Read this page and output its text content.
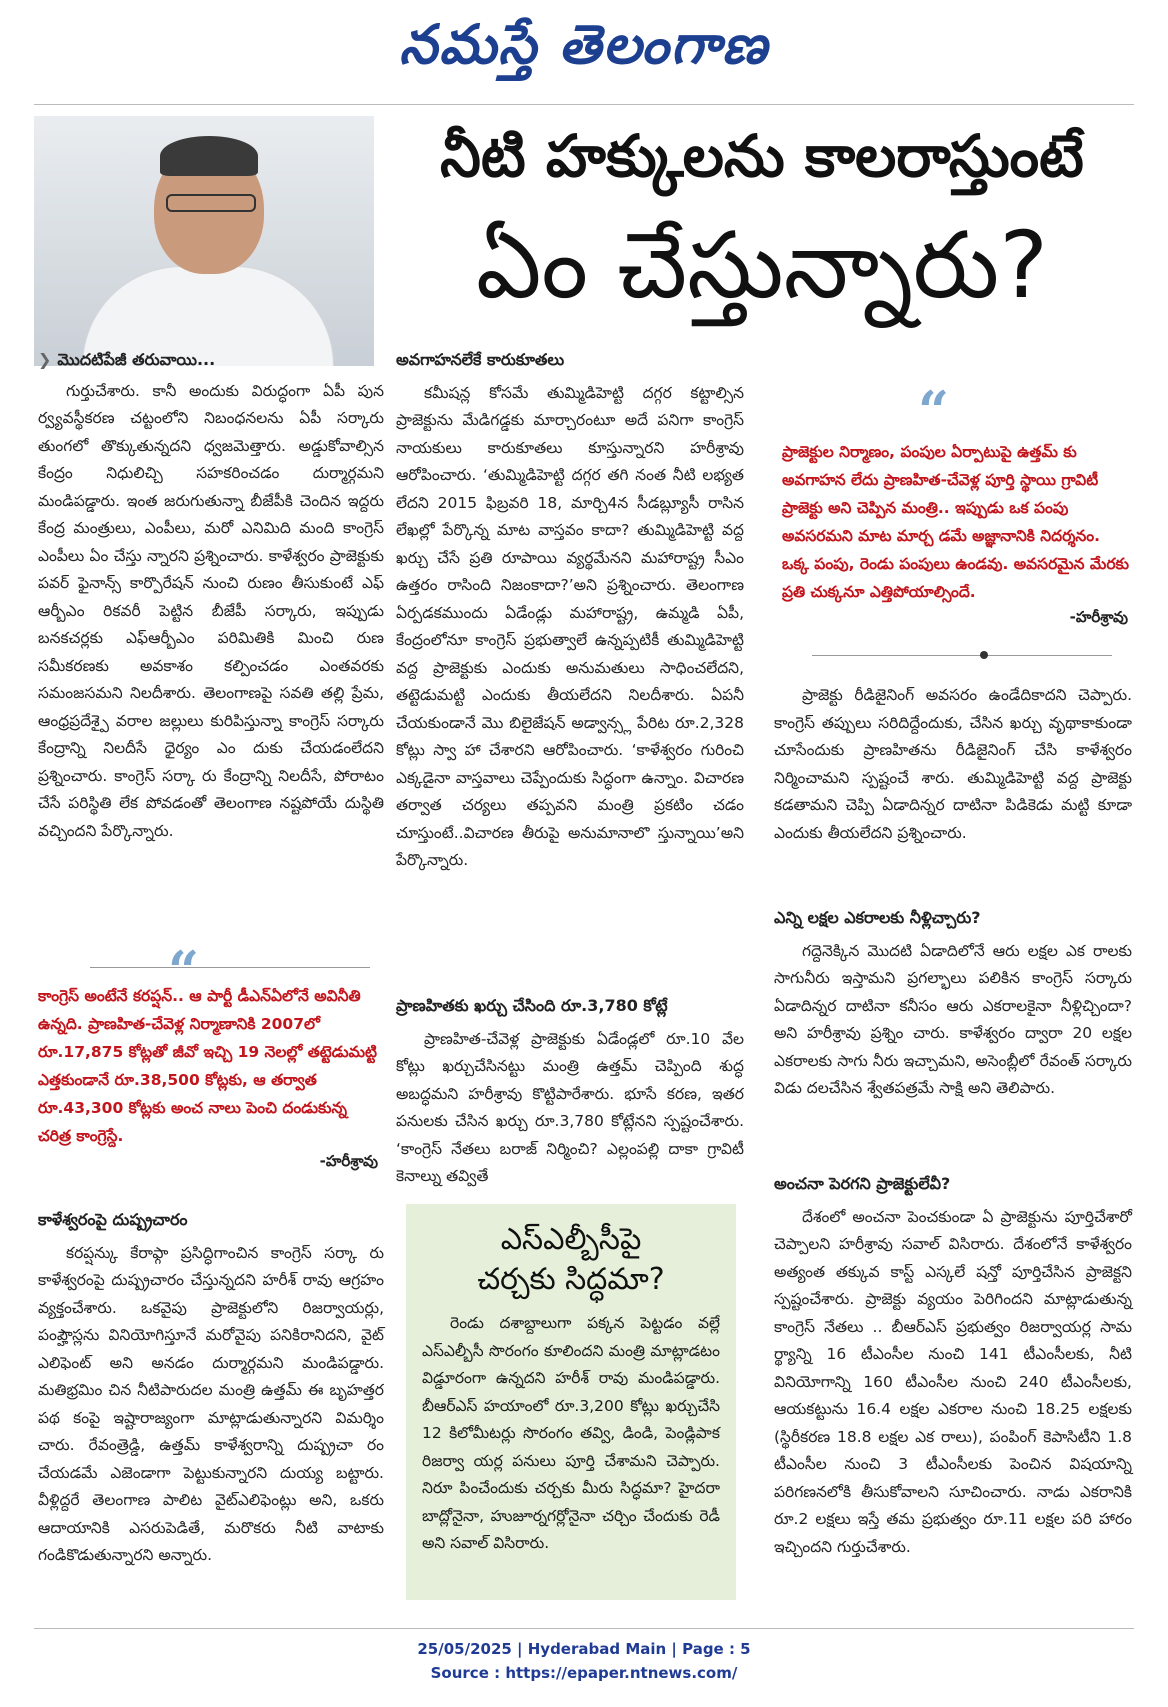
నమస్తే తెలంగాణ
నీటి హక్కులను కాలరాస్తుంటే
ఏం చేస్తున్నారు?
❯ మొదటిపేజీ తరువాయి...

గుర్తుచేశారు. కానీ అందుకు విరుద్ధంగా ఏపీ పున ర్వ్యవస్థీకరణ చట్టంలోని నిబంధనలను ఏపీ సర్కారు తుంగలో తొక్కుతున్నదని ధ్వజమెత్తారు. అడ్డుకోవాల్సిన కేంద్రం నిధులిచ్చి సహకరించడం దుర్మార్గమని మండిపడ్డారు. ఇంత జరుగుతున్నా బీజేపీకి చెందిన ఇద్దరు కేంద్ర మంత్రులు, ఎంపీలు, మరో ఎనిమిది మంది కాంగ్రెస్ ఎంపీలు ఏం చేస్తు న్నారని ప్రశ్నించారు. కాళేశ్వరం ప్రాజెక్టుకు పవర్ ఫైనాన్స్ కార్పొరేషన్ నుంచి రుణం తీసుకుంటే ఎఫ్ ఆర్బీఎం రికవరీ పెట్టిన బీజేపీ సర్కారు, ఇప్పుడు బనకచర్లకు ఎఫ్ఆర్బీఎం పరిమితికి మించి రుణ సమీకరణకు అవకాశం కల్పించడం ఎంతవరకు సమంజసమని నిలదీశారు. తెలంగాణపై సవతి తల్లి ప్రేమ, ఆంధ్రప్రదేశ్పై వరాల జల్లులు కురిపిస్తున్నా కాంగ్రెస్ సర్కారు కేంద్రాన్ని నిలదీసే ధైర్యం ఎం దుకు చేయడంలేదని ప్రశ్నించారు. కాంగ్రెస్ సర్కా రు కేంద్రాన్ని నిలదీసే, పోరాటం చేసే పరిస్థితి లేక పోవడంతో తెలంగాణ నష్టపోయే దుస్థితి వచ్చిందని పేర్కొన్నారు.

“
కాంగ్రెస్ అంటేనే కరప్షన్.. ఆ పార్టీ డీఎన్ఏలోనే అవినీతి ఉన్నది. ప్రాణహిత-చేవెళ్ల నిర్మాణానికి 2007లో రూ.17,875 కోట్లతో జీవో ఇచ్చి 19 నెలల్లో తట్టెడుమట్టి ఎత్తకుండానే రూ.38,500 కోట్లకు, ఆ తర్వాత రూ.43,300 కోట్లకు అంచ నాలు పెంచి దండుకున్న చరిత్ర కాంగ్రెస్దే.
-హరీశ్రావు
కాళేశ్వరంపై దుష్ప్రచారం

కరప్షన్కు కేరాఫ్గా ప్రసిద్ధిగాంచిన కాంగ్రెస్ సర్కా రు కాళేశ్వరంపై దుష్ప్రచారం చేస్తున్నదని హరీశ్ రావు ఆగ్రహం వ్యక్తంచేశారు. ఒకవైపు ప్రాజెక్టులోని రిజర్వాయర్లు, పంప్హౌస్లను వినియోగిస్తూనే మరోవైపు పనికిరానిదని, వైట్ ఎలిఫెంట్ అని అనడం దుర్మార్గమని మండిపడ్డారు. మతిభ్రమిం చిన నీటిపారుదల మంత్రి ఉత్తమ్ ఈ బృహత్తర పథ కంపై ఇష్టారాజ్యంగా మాట్లాడుతున్నారని విమర్శిం చారు. రేవంత్రెడ్డి, ఉత్తమ్ కాళేశ్వరాన్ని దుష్ప్రచా రం చేయడమే ఎజెండాగా పెట్టుకున్నారని దుయ్య బట్టారు. వీళ్లిద్దరే తెలంగాణ పాలిట వైట్ఎలిఫెంట్లు అని, ఒకరు ఆదాయానికి ఎసరుపెడితే, మరొకరు నీటి వాటాకు గండికొడుతున్నారని అన్నారు.

అవగాహనలేకే కారుకూతలు

కమీషన్ల కోసమే తుమ్మిడిహెట్టి దగ్గర కట్టాల్సిన ప్రాజెక్టును మేడిగడ్డకు మార్చారంటూ అదే పనిగా కాంగ్రెస్ నాయకులు కారుకూతలు కూస్తున్నారని హరీశ్రావు ఆరోపించారు. ‘తుమ్మిడిహెట్టి దగ్గర తగి నంత నీటి లభ్యత లేదని 2015 ఫిబ్రవరి 18, మార్చి4న సీడబ్ల్యూసీ రాసిన లేఖల్లో పేర్కొన్న మాట వాస్తవం కాదా? తుమ్మిడిహెట్టి వద్ద ఖర్చు చేసే ప్రతి రూపాయి వ్యర్థమేనని మహారాష్ట్ర సీఎం ఉత్తరం రాసింది నిజంకాదా?’అని ప్రశ్నించారు. తెలంగాణ ఏర్పడకముందు ఏడేండ్లు మహారాష్ట్ర, ఉమ్మడి ఏపీ, కేంద్రంలోనూ కాంగ్రెస్ ప్రభుత్వాలే ఉన్నప్పటికీ తుమ్మిడిహెట్టి వద్ద ప్రాజెక్టుకు ఎందుకు అనుమతులు సాధించలేదని, తట్టెడుమట్టి ఎందుకు తీయలేదని నిలదీశారు. ఏపనీ చేయకుండానే మొ బిలైజేషన్ అడ్వాన్స్ల పేరిట రూ.2,328 కోట్లు స్వా హా చేశారని ఆరోపించారు. ‘కాళేశ్వరం గురించి ఎక్కడైనా వాస్తవాలు చెప్పేందుకు సిద్ధంగా ఉన్నాం. విచారణ తర్వాత చర్యలు తప్పవని మంత్రి ప్రకటిం చడం చూస్తుంటే..విచారణ తీరుపై అనుమానాలొ స్తున్నాయి’అని పేర్కొన్నారు.

ప్రాణహితకు ఖర్చు చేసింది రూ.3,780 కోట్లే

ప్రాణహిత-చేవెళ్ల ప్రాజెక్టుకు ఏడేండ్లలో రూ.10 వేల కోట్లు ఖర్చుచేసినట్టు మంత్రి ఉత్తమ్ చెప్పింది శుద్ధ అబద్ధమని హరీశ్రావు కొట్టిపారేశారు. భూసే కరణ, ఇతర పనులకు చేసిన ఖర్చు రూ.3,780 కోట్లేనని స్పష్టంచేశారు. ‘కాంగ్రెస్ నేతలు బరాజ్ నిర్మించి? ఎల్లంపల్లి దాకా గ్రావిటీ కెనాల్ను తవ్వితే

ఎస్ఎల్బీసీపై
చర్చకు సిద్ధమా?

రెండు దశాబ్దాలుగా పక్కన పెట్టడం వల్లే ఎస్ఎల్బీసీ సొరంగం కూలిందని మంత్రి మాట్లాడటం విడ్డూరంగా ఉన్నదని హరీశ్ రావు మండిపడ్డారు. బీఆర్ఎస్ హయాంలో రూ.3,200 కోట్లు ఖర్చుచేసి 12 కిలోమీటర్లు సొరంగం తవ్వి, డిండి, పెండ్లిపాక రిజర్వా యర్ల పనులు పూర్తి చేశామని చెప్పారు. నిరూ పించేందుకు చర్చకు మీరు సిద్ధమా? హైదరా బాద్లోనైనా, హుజూర్నగర్లోనైనా చర్చిం చేందుకు రెడీ అని సవాల్ విసిరారు.

“
ప్రాజెక్టుల నిర్మాణం, పంపుల ఏర్పాటుపై ఉత్తమ్ కు అవగాహన లేదు ప్రాణహిత-చేవెళ్ల పూర్తి స్థాయి గ్రావిటీ ప్రాజెక్టు అని చెప్పిన మంత్రి.. ఇప్పుడు ఒక పంపు అవసరమని మాట మార్చ డమే అజ్ఞానానికి నిదర్శనం. ఒక్క పంపు, రెండు పంపులు ఉండవు. అవసరమైన మేరకు ప్రతి చుక్కనూ ఎత్తిపోయాల్సిందే.
-హరీశ్రావు

ప్రాజెక్టు రీడిజైనింగ్ అవసరం ఉండేదికాదని చెప్పారు. కాంగ్రెస్ తప్పులు సరిదిద్దేందుకు, చేసిన ఖర్చు వృథాకాకుండా చూసేందుకు ప్రాణహితను రీడిజైనింగ్ చేసి కాళేశ్వరం నిర్మించామని స్పష్టంచే శారు. తుమ్మిడిహెట్టి వద్ద ప్రాజెక్టు కడతామని చెప్పి ఏడాదిన్నర దాటినా పిడికెడు మట్టి కూడా ఎందుకు తీయలేదని ప్రశ్నించారు.

ఎన్ని లక్షల ఎకరాలకు నీళ్లిచ్చారు?

గద్దెనెక్కిన మొదటి ఏడాదిలోనే ఆరు లక్షల ఎక రాలకు సాగునీరు ఇస్తామని ప్రగల్భాలు పలికిన కాంగ్రెస్ సర్కారు ఏడాదిన్నర దాటినా కనీసం ఆరు ఎకరాలకైనా నీళ్లిచ్చిందా? అని హరీశ్రావు ప్రశ్నిం చారు. కాళేశ్వరం ద్వారా 20 లక్షల ఎకరాలకు సాగు నీరు ఇచ్చామని, అసెంబ్లీలో రేవంత్ సర్కారు విడు దలచేసిన శ్వేతపత్రమే సాక్షి అని తెలిపారు.

అంచనా పెరగని ప్రాజెక్టులేవీ?

దేశంలో అంచనా పెంచకుండా ఏ ప్రాజెక్టును పూర్తిచేశారో చెప్పాలని హరీశ్రావు సవాల్ విసిరారు. దేశంలోనే కాళేశ్వరం అత్యంత తక్కువ కాస్ట్ ఎస్కలే షన్తో పూర్తిచేసిన ప్రాజెక్టని స్పష్టంచేశారు. ప్రాజెక్టు వ్యయం పెరిగిందని మాట్లాడుతున్న కాంగ్రెస్ నేతలు .. బీఆర్ఎస్ ప్రభుత్వం రిజర్వాయర్ల సామ ర్థ్యాన్ని 16 టీఎంసీల నుంచి 141 టీఎంసీలకు, నీటి వినియోగాన్ని 160 టీఎంసీల నుంచి 240 టీఎంసీలకు, ఆయకట్టును 16.4 లక్షల ఎకరాల నుంచి 18.25 లక్షలకు (స్థిరీకరణ 18.8 లక్షల ఎక రాలు), పంపింగ్ కెపాసిటీని 1.8 టీఎంసీల నుంచి 3 టీఎంసీలకు పెంచిన విషయాన్ని పరిగణనలోకి తీసుకోవాలని సూచించారు. నాడు ఎకరానికి రూ.2 లక్షలు ఇస్తే తమ ప్రభుత్వం రూ.11 లక్షల పరి హారం ఇచ్చిందని గుర్తుచేశారు.

25/05/2025 | Hyderabad Main | Page : 5
Source : https://epaper.ntnews.com/
